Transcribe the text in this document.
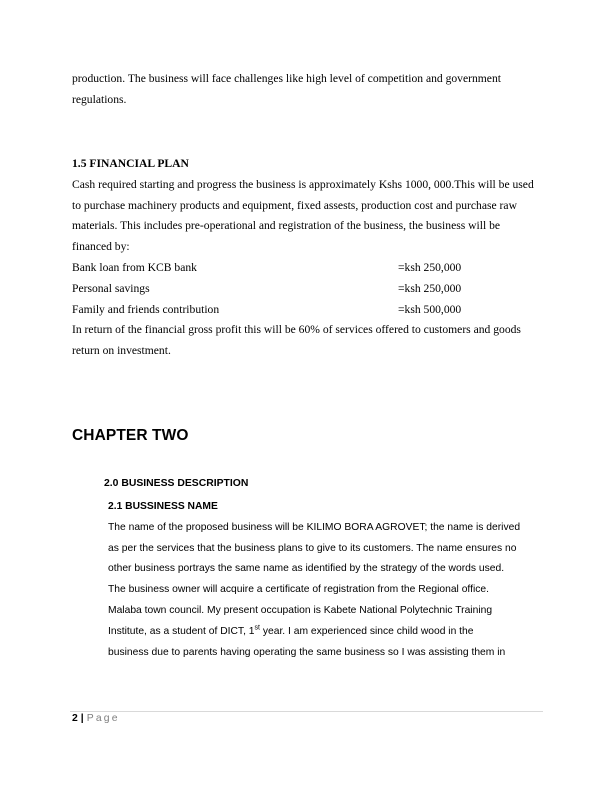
production. The business will face challenges like high level of competition and government regulations.
1.5 FINANCIAL PLAN
Cash required starting and progress the business is approximately Kshs 1000, 000.This will be used to purchase machinery products and equipment, fixed assests, production cost and purchase raw materials. This includes pre-operational and registration of the business, the business will be financed by:
Bank loan from KCB bank	=ksh 250,000
Personal savings	=ksh 250,000
Family and friends contribution	=ksh 500,000
In return of the financial gross profit this will be 60% of services offered to customers and goods return on investment.
CHAPTER TWO
2.0 BUSINESS DESCRIPTION
2.1 BUSSINESS NAME
The name of the proposed business will be KILIMO BORA AGROVET; the name is derived
as per the services that the business plans to give to its customers. The name ensures no
other business portrays the same name as identified by the strategy of the words used.
The business owner will acquire a certificate of registration from the Regional office.
Malaba town council. My present occupation is Kabete National Polytechnic Training
Institute, as a student of DICT, 1st year. I am experienced since child wood in the
business due to parents having operating the same business so I was assisting them in
2 | Page
